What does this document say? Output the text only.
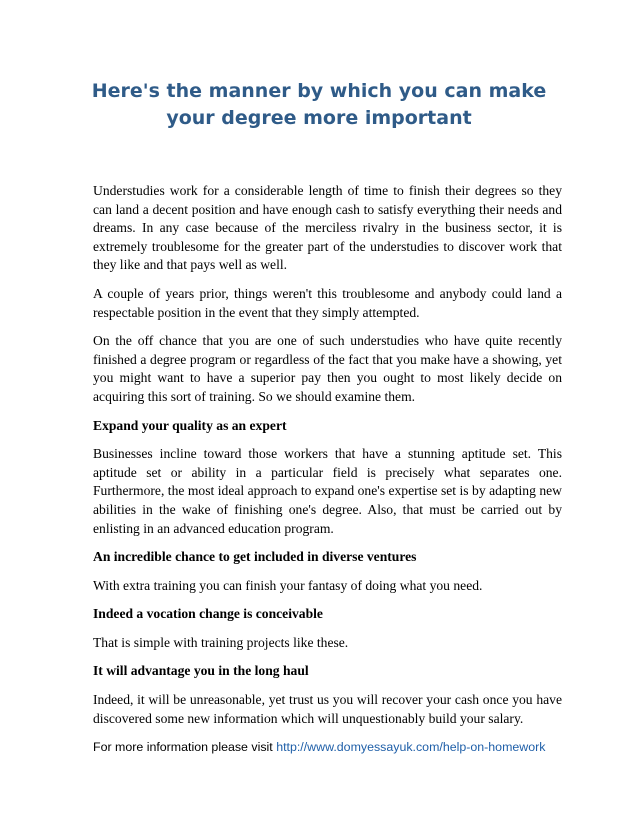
Here's the manner by which you can make
your degree more important

Understudies work for a considerable length of time to finish their degrees so they can land a decent position and have enough cash to satisfy everything their needs and dreams. In any case because of the merciless rivalry in the business sector, it is extremely troublesome for the greater part of the understudies to discover work that they like and that pays well as well.

A couple of years prior, things weren't this troublesome and anybody could land a respectable position in the event that they simply attempted.

On the off chance that you are one of such understudies who have quite recently finished a degree program or regardless of the fact that you make have a showing, yet you might want to have a superior pay then you ought to most likely decide on acquiring this sort of training. So we should examine them.

Expand your quality as an expert

Businesses incline toward those workers that have a stunning aptitude set. This aptitude set or ability in a particular field is precisely what separates one. Furthermore, the most ideal approach to expand one's expertise set is by adapting new abilities in the wake of finishing one's degree. Also, that must be carried out by enlisting in an advanced education program.

An incredible chance to get included in diverse ventures

With extra training you can finish your fantasy of doing what you need.

Indeed a vocation change is conceivable

That is simple with training projects like these.

It will advantage you in the long haul

Indeed, it will be unreasonable, yet trust us you will recover your cash once you have discovered some new information which will unquestionably build your salary.

For more information please visit http://www.domyessayuk.com/help-on-homework
